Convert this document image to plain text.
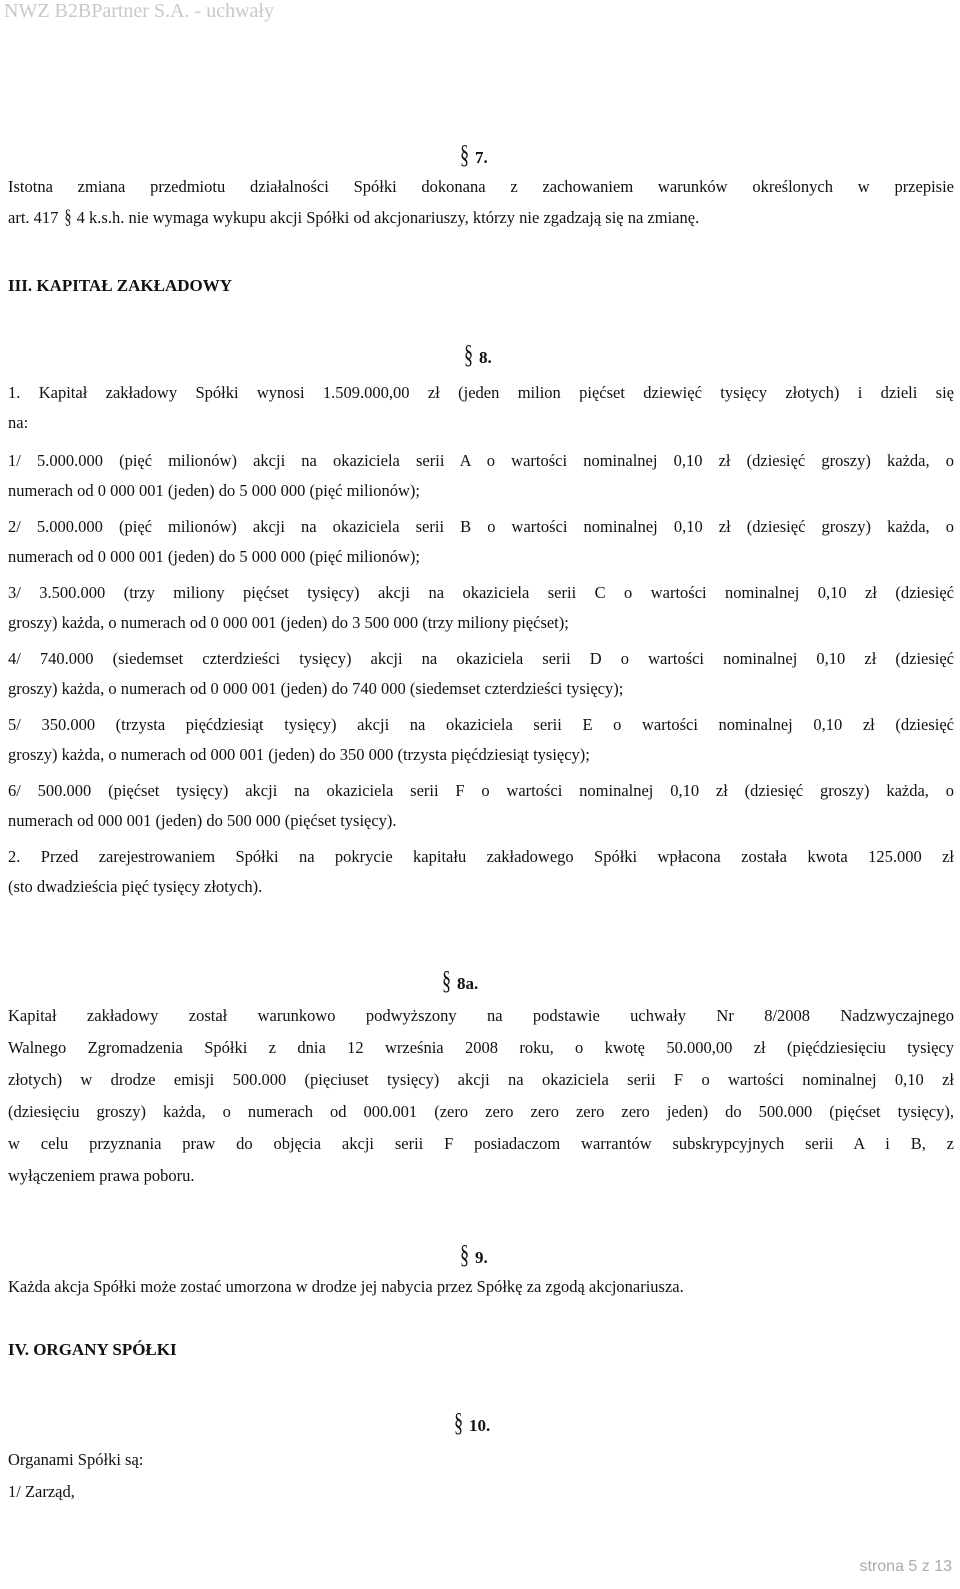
NWZ B2BPartner S.A. - uchwały
§ 7.
Istotna zmiana przedmiotu działalności Spółki dokonana z zachowaniem warunków określonych w przepisie
art. 417 § 4 k.s.h. nie wymaga wykupu akcji Spółki od akcjonariuszy, którzy nie zgadzają się na zmianę.
III. KAPITAŁ ZAKŁADOWY
§ 8.
1. Kapitał zakładowy Spółki wynosi 1.509.000,00 zł (jeden milion pięćset dziewięć tysięcy złotych) i dzieli się
na:
1/ 5.000.000 (pięć milionów) akcji na okaziciela serii A o wartości nominalnej 0,10 zł (dziesięć groszy) każda, o
numerach od 0 000 001 (jeden) do 5 000 000 (pięć milionów);
2/ 5.000.000 (pięć milionów) akcji na okaziciela serii B o wartości nominalnej 0,10 zł (dziesięć groszy) każda, o
numerach od 0 000 001 (jeden) do 5 000 000 (pięć milionów);
3/ 3.500.000 (trzy miliony pięćset tysięcy) akcji na okaziciela serii C o wartości nominalnej 0,10 zł (dziesięć
groszy) każda, o numerach od 0 000 001 (jeden) do 3 500 000 (trzy miliony pięćset);
4/ 740.000 (siedemset czterdzieści tysięcy) akcji na okaziciela serii D o wartości nominalnej 0,10 zł (dziesięć
groszy) każda, o numerach od 0 000 001 (jeden) do 740 000 (siedemset czterdzieści tysięcy);
5/ 350.000 (trzysta pięćdziesiąt tysięcy) akcji na okaziciela serii E o wartości nominalnej 0,10 zł (dziesięć
groszy) każda, o numerach od 000 001 (jeden) do 350 000 (trzysta pięćdziesiąt tysięcy);
6/ 500.000 (pięćset tysięcy) akcji na okaziciela serii F o wartości nominalnej 0,10 zł (dziesięć groszy) każda, o
numerach od 000 001 (jeden) do 500 000 (pięćset tysięcy).
2. Przed zarejestrowaniem Spółki na pokrycie kapitału zakładowego Spółki wpłacona została kwota 125.000 zł
(sto dwadzieścia pięć tysięcy złotych).
§ 8a.
Kapitał zakładowy został warunkowo podwyższony na podstawie uchwały Nr 8/2008 Nadzwyczajnego
Walnego Zgromadzenia Spółki z dnia 12 września 2008 roku, o kwotę 50.000,00 zł (pięćdziesięciu tysięcy
złotych) w drodze emisji 500.000 (pięciuset tysięcy) akcji na okaziciela serii F o wartości nominalnej 0,10 zł
(dziesięciu groszy) każda, o numerach od 000.001 (zero zero zero zero zero jeden) do 500.000 (pięćset tysięcy),
w celu przyznania praw do objęcia akcji serii F posiadaczom warrantów subskrypcyjnych serii A i B, z
wyłączeniem prawa poboru.
§ 9.
Każda akcja Spółki może zostać umorzona w drodze jej nabycia przez Spółkę za zgodą akcjonariusza.
IV. ORGANY SPÓŁKI
§ 10.
Organami Spółki są:
1/ Zarząd,
strona 5 z 13
